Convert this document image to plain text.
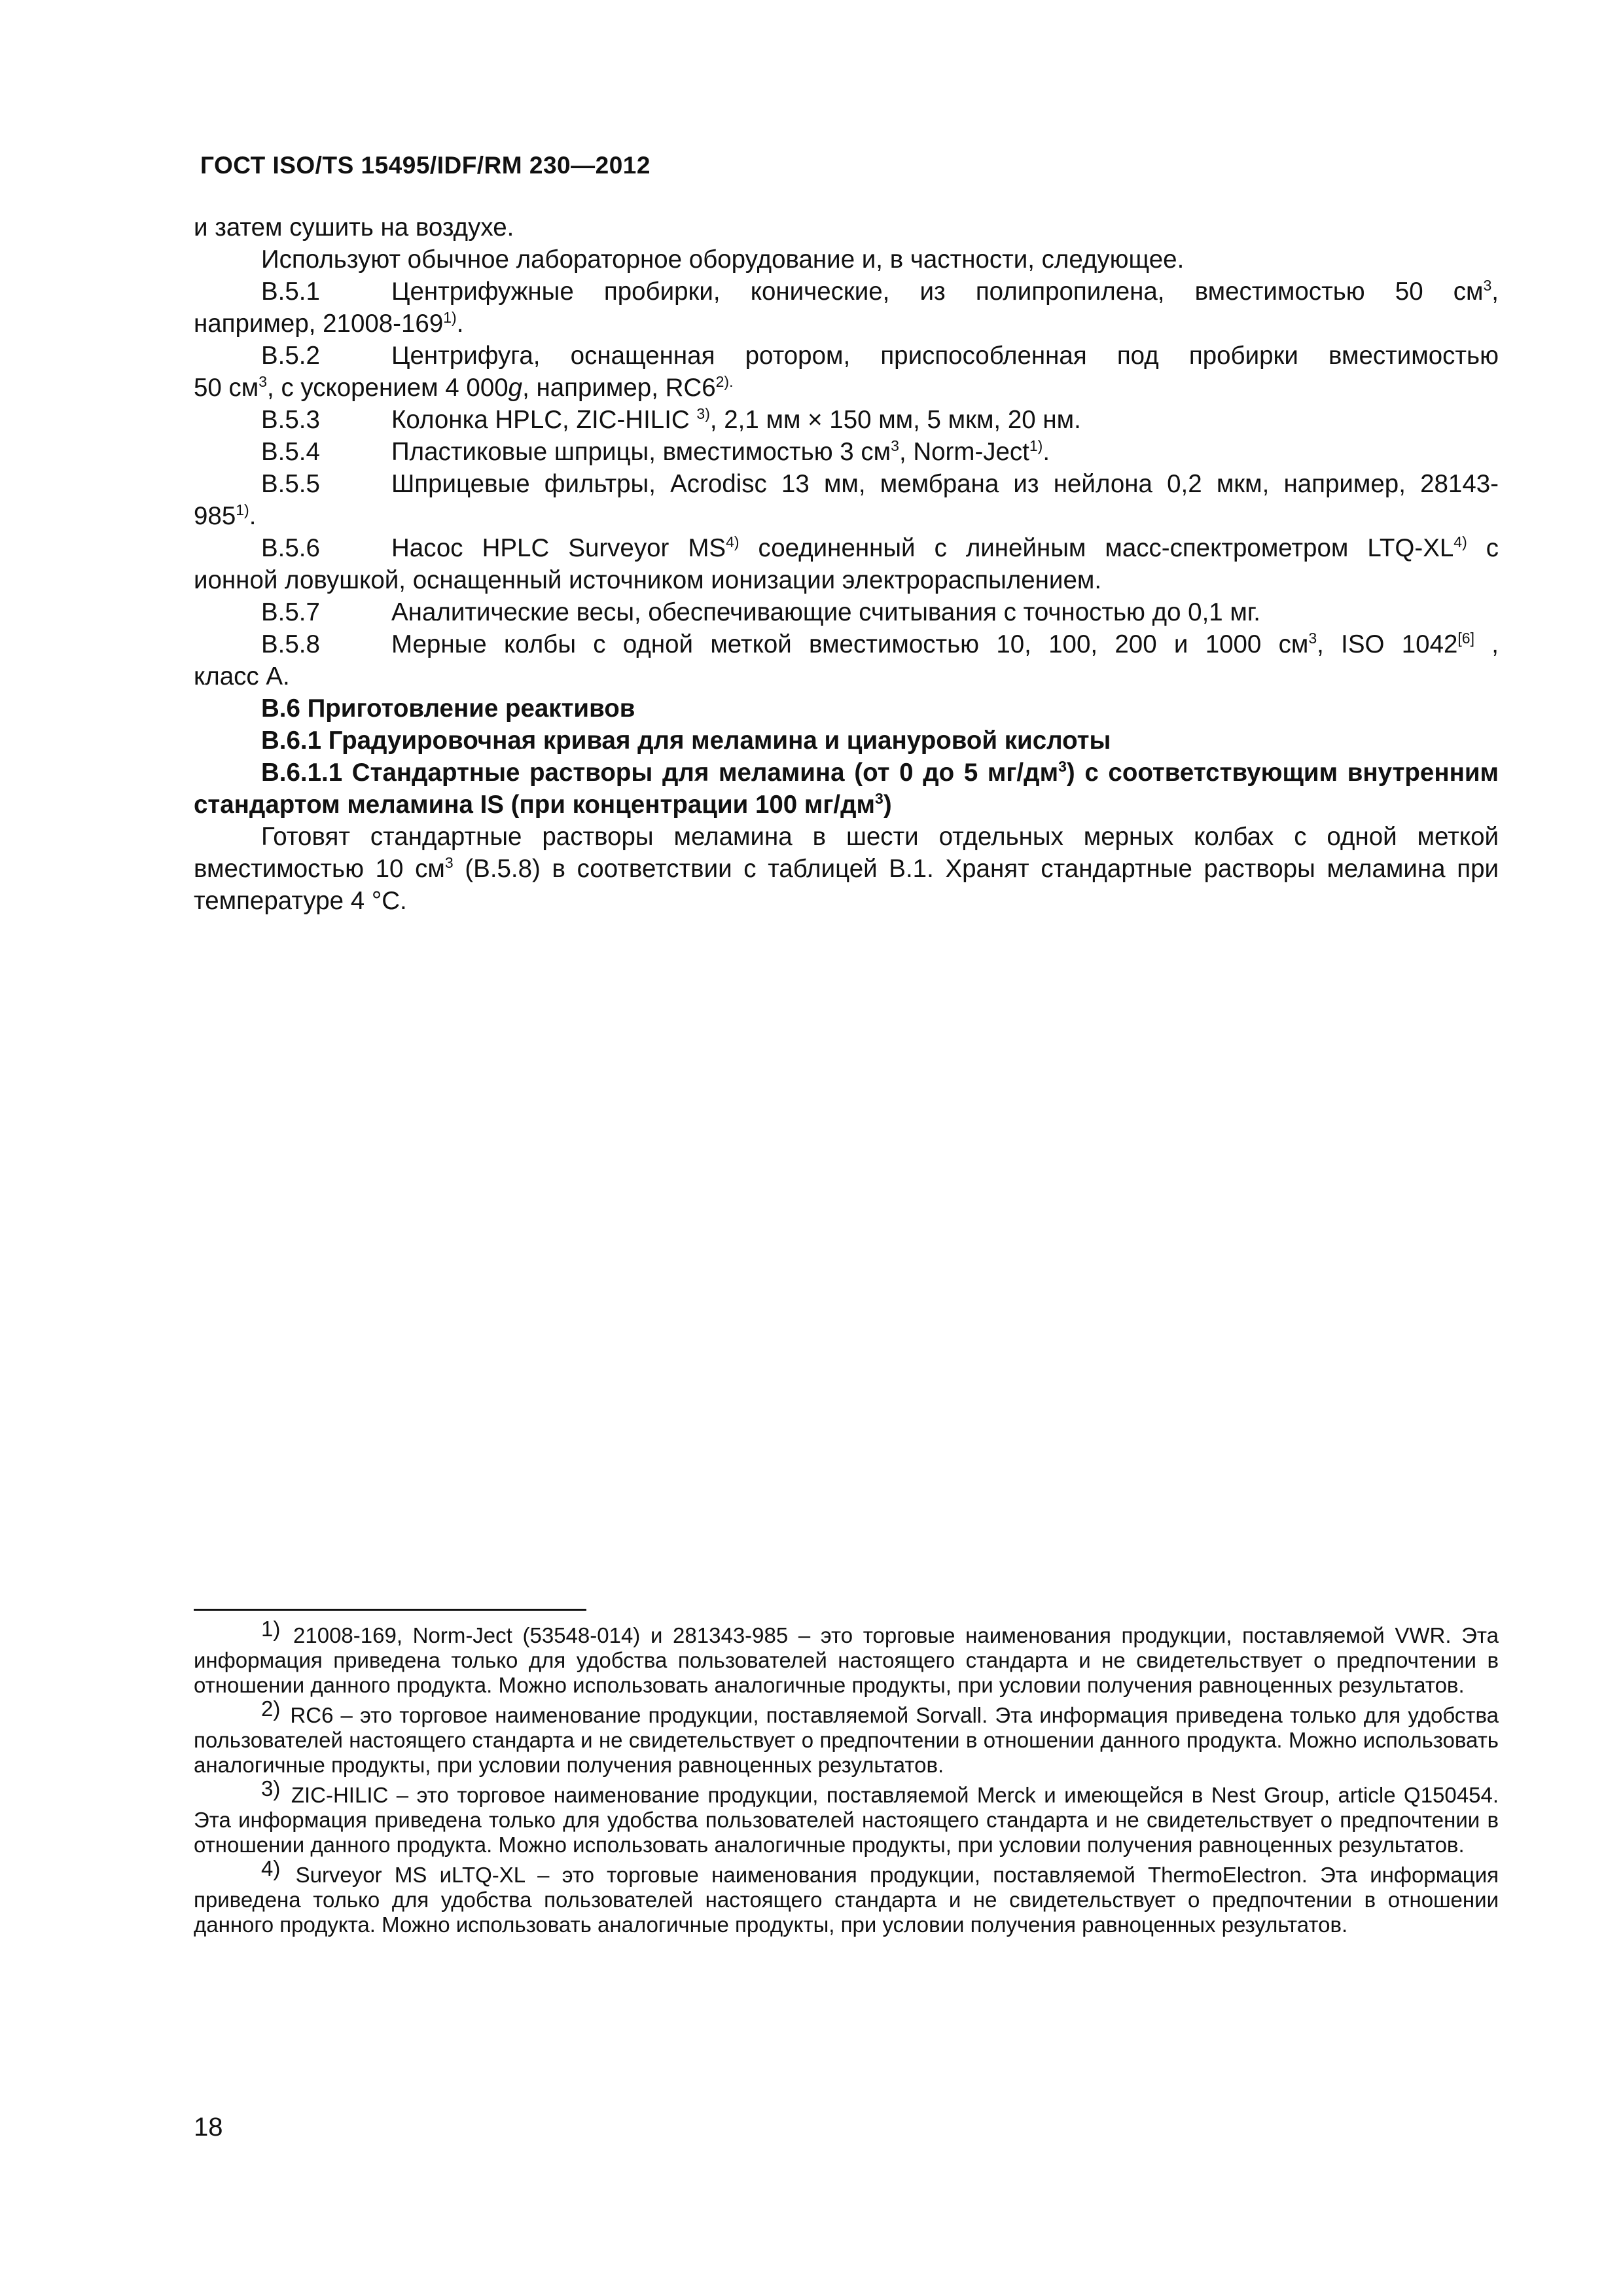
ГОСТ ISO/TS 15495/IDF/RM 230—2012

и затем сушить на воздухе.

Используют обычное лабораторное оборудование и, в частности, следующее.

B.5.1	Центрифужные пробирки, конические, из полипропилена, вместимостью 50 $см^3$,

например, 21008-169$^{1)}$.

B.5.2	Центрифуга, оснащенная ротором, приспособленная под пробирки вместимостью

50 $см^3$, с ускорением 4 000g, например, $RC6^{2).}$

B.5.3	Колонка HPLC, ZIC-HILIC $^{3)}$, 2,1 мм × 150 мм, 5 мкм, 20 нм.
B.5.4	Пластиковые шприцы, вместимостью 3 $см^3$, Norm-Ject$^{1)}$.
B.5.5	Шприцевые фильтры, Acrodisc 13 мм, мембрана из нейлона 0,2 мкм, например, 28143-

985$^{1)}$.

B.5.6	Насос HPLC Surveyor MS$^{4)}$ соединенный с линейным масс-спектрометром LTQ-XL$^{4)}$ с

ионной ловушкой, оснащенный источником ионизации электрораспылением.

B.5.7	Аналитические весы, обеспечивающие считывания с точностью до 0,1 мг.
B.5.8	Мерные колбы с одной меткой вместимостью 10, 100, 200 и 1000 $см^3$, ISO 1042[6] ,

класс А.

B.6 Приготовление реактивов

B.6.1 Градуировочная кривая для меламина и циануровой кислоты

B.6.1.1 Стандартные растворы для меламина (от 0 до 5 $мг/дм^3$) с соответствующим внутренним стандартом меламина IS (при концентрации 100 $мг/дм^3$)

Готовят стандартные растворы меламина в шести отдельных мерных колбах с одной меткой вместимостью 10 $см^3$ (B.5.8) в соответствии с таблицей B.1. Хранят стандартные растворы меламина при температуре 4 °С.

1) 21008-169, Norm-Ject (53548-014) и 281343-985 – это торговые наименования продукции, поставляемой VWR. Эта информация приведена только для удобства пользователей настоящего стандарта и не свидетельствует о предпочтении в отношении данного продукта. Можно использовать аналогичные продукты, при условии получения равноценных результатов.

2) RC6 – это торговое наименование продукции, поставляемой Sorvall. Эта информация приведена только для удобства пользователей настоящего стандарта и не свидетельствует о предпочтении в отношении данного продукта. Можно использовать аналогичные продукты, при условии получения равноценных результатов.

3) ZIC-HILIC – это торговое наименование продукции, поставляемой Merck и имеющейся в Nest Group, article Q150454. Эта информация приведена только для удобства пользователей настоящего стандарта и не свидетельствует о предпочтении в отношении данного продукта. Можно использовать аналогичные продукты, при условии получения равноценных результатов.

4) Surveyor MS иLTQ-XL – это торговые наименования продукции, поставляемой ThermoElectron. Эта информация приведена только для удобства пользователей настоящего стандарта и не свидетельствует о предпочтении в отношении данного продукта. Можно использовать аналогичные продукты, при условии получения равноценных результатов.

18
